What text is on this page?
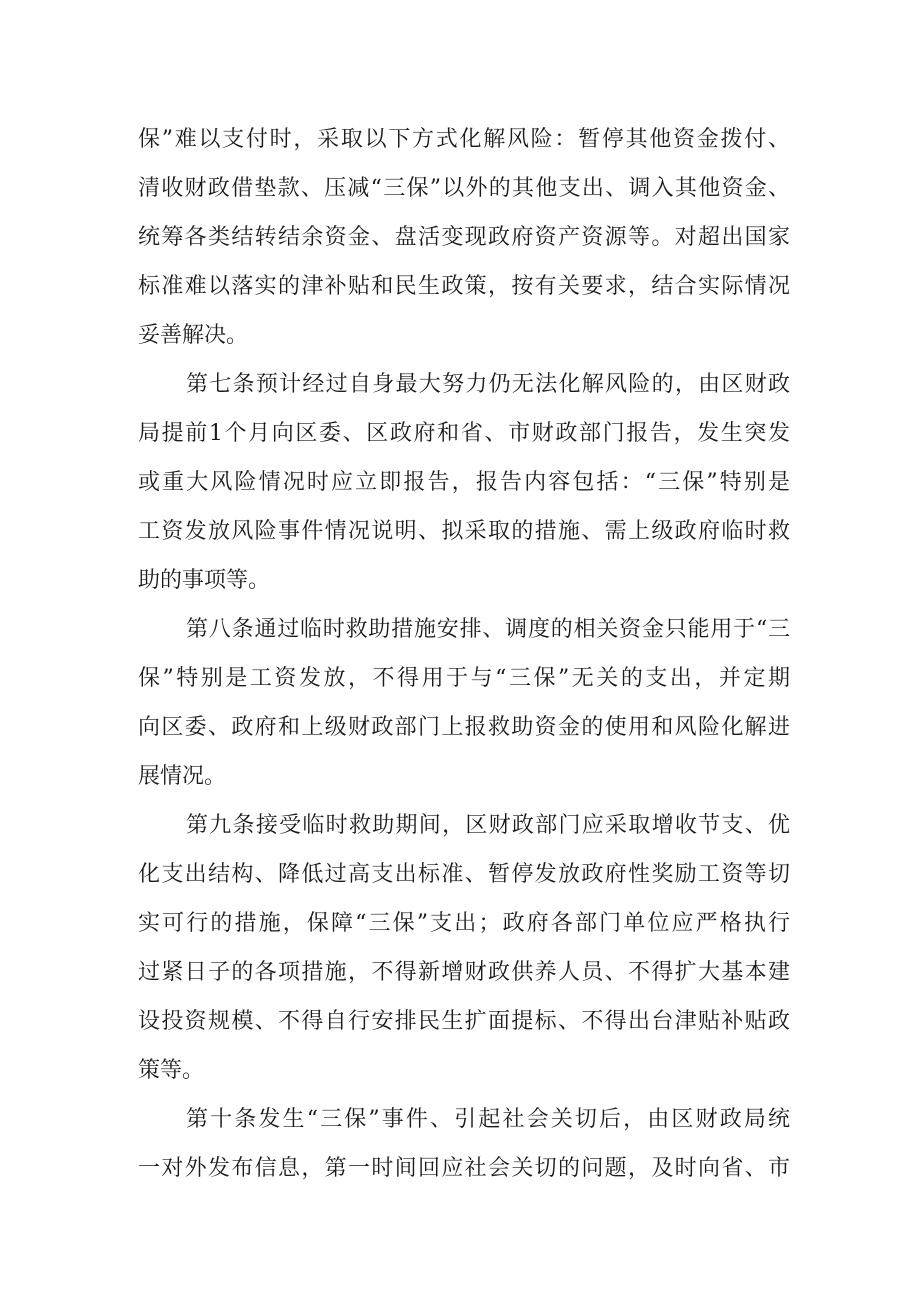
保”难以支付时，采取以下方式化解风险：暂停其他资金拨付、
清收财政借垫款、压减“三保”以外的其他支出、调入其他资金、
统筹各类结转结余资金、盘活变现政府资产资源等。对超出国家
标准难以落实的津补贴和民生政策，按有关要求，结合实际情况
妥善解决。
第七条预计经过自身最大努力仍无法化解风险的，由区财政
局提前1个月向区委、区政府和省、市财政部门报告，发生突发
或重大风险情况时应立即报告，报告内容包括：“三保”特别是
工资发放风险事件情况说明、拟采取的措施、需上级政府临时救
助的事项等。
第八条通过临时救助措施安排、调度的相关资金只能用于“三
保”特别是工资发放，不得用于与“三保”无关的支出，并定期
向区委、政府和上级财政部门上报救助资金的使用和风险化解进
展情况。
第九条接受临时救助期间，区财政部门应采取增收节支、优
化支出结构、降低过高支出标准、暂停发放政府性奖励工资等切
实可行的措施，保障“三保”支出；政府各部门单位应严格执行
过紧日子的各项措施，不得新增财政供养人员、不得扩大基本建
设投资规模、不得自行安排民生扩面提标、不得出台津贴补贴政
策等。
第十条发生“三保”事件、引起社会关切后，由区财政局统
一对外发布信息，第一时间回应社会关切的问题，及时向省、市
